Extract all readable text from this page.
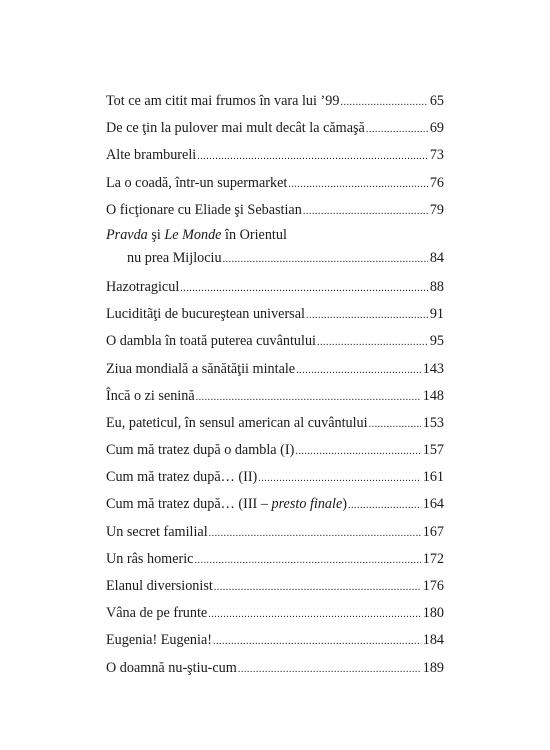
Tot ce am citit mai frumos în vara lui ’99 .....	65
De ce ţin la pulover mai mult decât la cămaşă .....	69
Alte brambureli .....	73
La o coadă, într-un supermarket .....	76
O ficţionare cu Eliade şi Sebastian .....	79
Pravda şi Le Monde în Orientul
nu prea Mijlociu .....	84
Hazotragicul .....	88
Luciditãţi de bucureştean universal .....	91
O dambla în toată puterea cuvântului .....	95
Ziua mondială a sănătăţii mintale .....	143
Încă o zi senină .....	148
Eu, pateticul, în sensul american al cuvântului .....	153
Cum mă tratez după o dambla (I) .....	157
Cum mă tratez după… (II) .....	161
Cum mă tratez după… (III – presto finale) .....	164
Un secret familial .....	167
Un râs homeric .....	172
Elanul diversionist .....	176
Vâna de pe frunte .....	180
Eugenia! Eugenia! .....	184
O doamnă nu-ştiu-cum .....	189
